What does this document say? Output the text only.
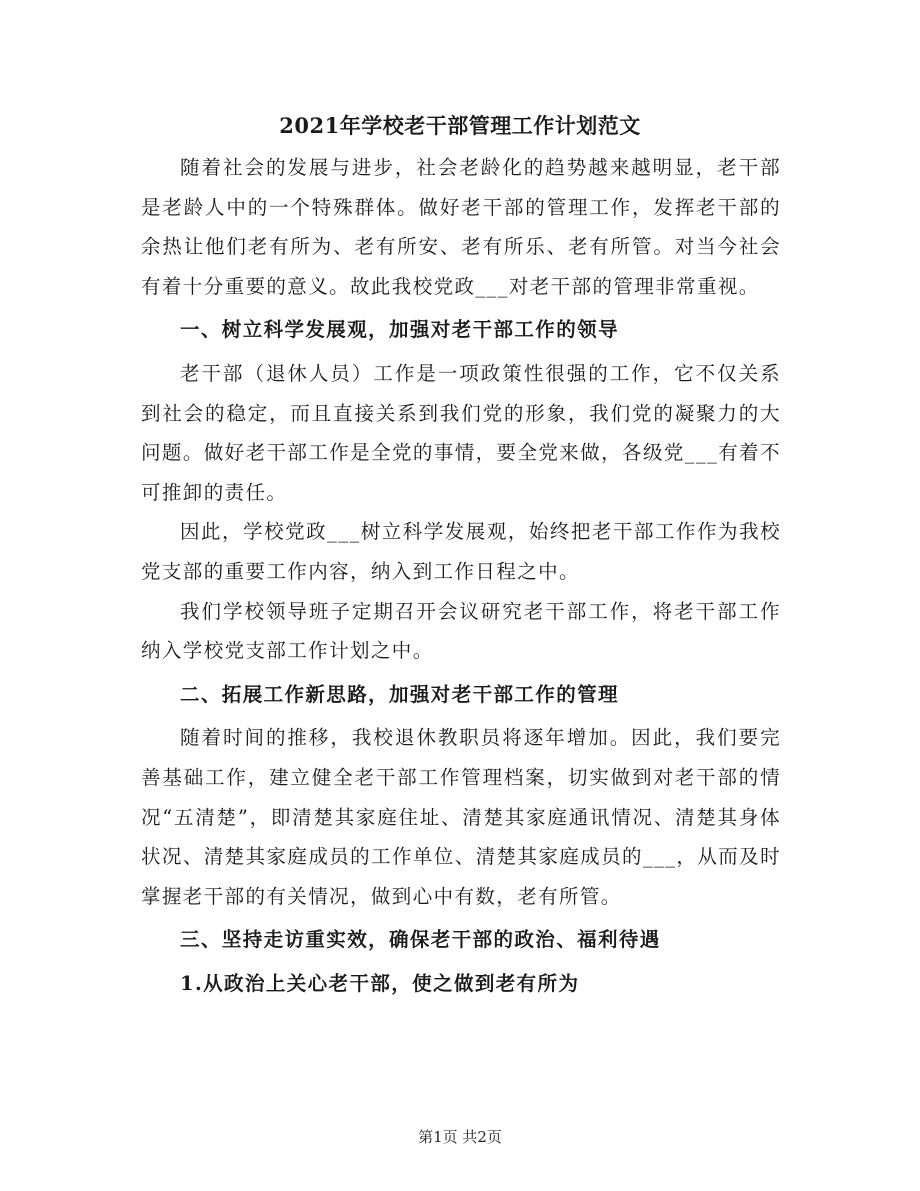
2021年学校老干部管理工作计划范文

随着社会的发展与进步，社会老龄化的趋势越来越明显，老干部是老龄人中的一个特殊群体。做好老干部的管理工作，发挥老干部的余热让他们老有所为、老有所安、老有所乐、老有所管。对当今社会有着十分重要的意义。故此我校党政___对老干部的管理非常重视。

一、树立科学发展观，加强对老干部工作的领导

老干部（退休人员）工作是一项政策性很强的工作，它不仅关系到社会的稳定，而且直接关系到我们党的形象，我们党的凝聚力的大问题。做好老干部工作是全党的事情，要全党来做，各级党___有着不可推卸的责任。

因此，学校党政___树立科学发展观，始终把老干部工作作为我校党支部的重要工作内容，纳入到工作日程之中。

我们学校领导班子定期召开会议研究老干部工作，将老干部工作纳入学校党支部工作计划之中。

二、拓展工作新思路，加强对老干部工作的管理

随着时间的推移，我校退休教职员将逐年增加。因此，我们要完善基础工作，建立健全老干部工作管理档案，切实做到对老干部的情况“五清楚”，即清楚其家庭住址、清楚其家庭通讯情况、清楚其身体状况、清楚其家庭成员的工作单位、清楚其家庭成员的___，从而及时掌握老干部的有关情况，做到心中有数，老有所管。

三、坚持走访重实效，确保老干部的政治、福利待遇

1.从政治上关心老干部，使之做到老有所为

第1页 共2页
